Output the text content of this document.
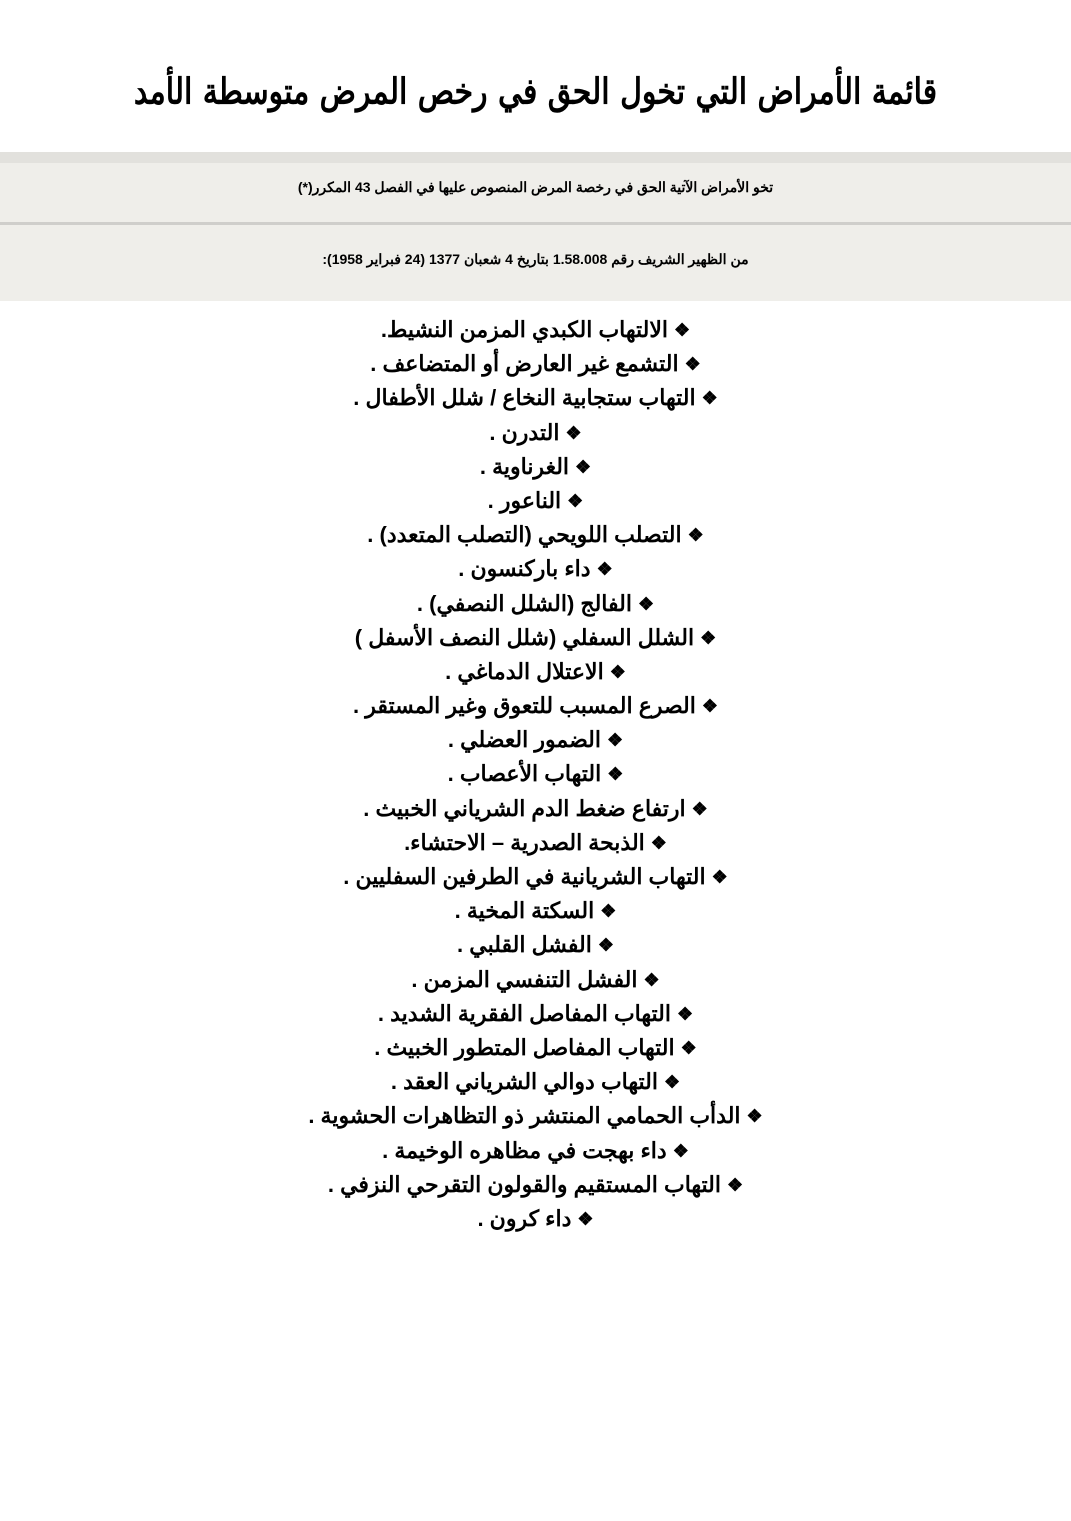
قائمة الأمراض التي تخول الحق في رخص المرض متوسطة الأمد
تخو الأمراض الآتية الحق في رخصة المرض المنصوص عليها في الفصل 43 المكرر(*)
من الظهير الشريف رقم 1.58.008 بتاريخ 4 شعبان 1377 (24 فبراير 1958):
❖الالتهاب الكبدي المزمن النشيط.
❖التشمع غير العارض أو المتضاعف .
❖التهاب ستجابية النخاع / شلل الأطفال .
❖التدرن .
❖الغرناوية .
❖الناعور .
❖التصلب اللويحي (التصلب المتعدد) .
❖داء باركنسون .
❖الفالج (الشلل النصفي) .
❖الشلل السفلي (شلل النصف الأسفل )
❖الاعتلال الدماغي .
❖الصرع المسبب للتعوق وغير المستقر .
❖الضمور العضلي .
❖التهاب الأعصاب .
❖ارتفاع ضغط الدم الشرياني الخبيث .
❖الذبحة الصدرية – الاحتشاء.
❖التهاب الشريانية في الطرفين السفليين .
❖السكتة المخية .
❖الفشل القلبي .
❖الفشل التنفسي المزمن .
❖التهاب المفاصل الفقرية الشديد .
❖التهاب المفاصل المتطور الخبيث .
❖التهاب دوالي الشرياني العقد .
❖الدأب الحمامي المنتشر ذو التظاهرات الحشوية .
❖داء بهجت في مظاهره الوخيمة .
❖التهاب المستقيم والقولون التقرحي النزفي .
❖داء كرون .
